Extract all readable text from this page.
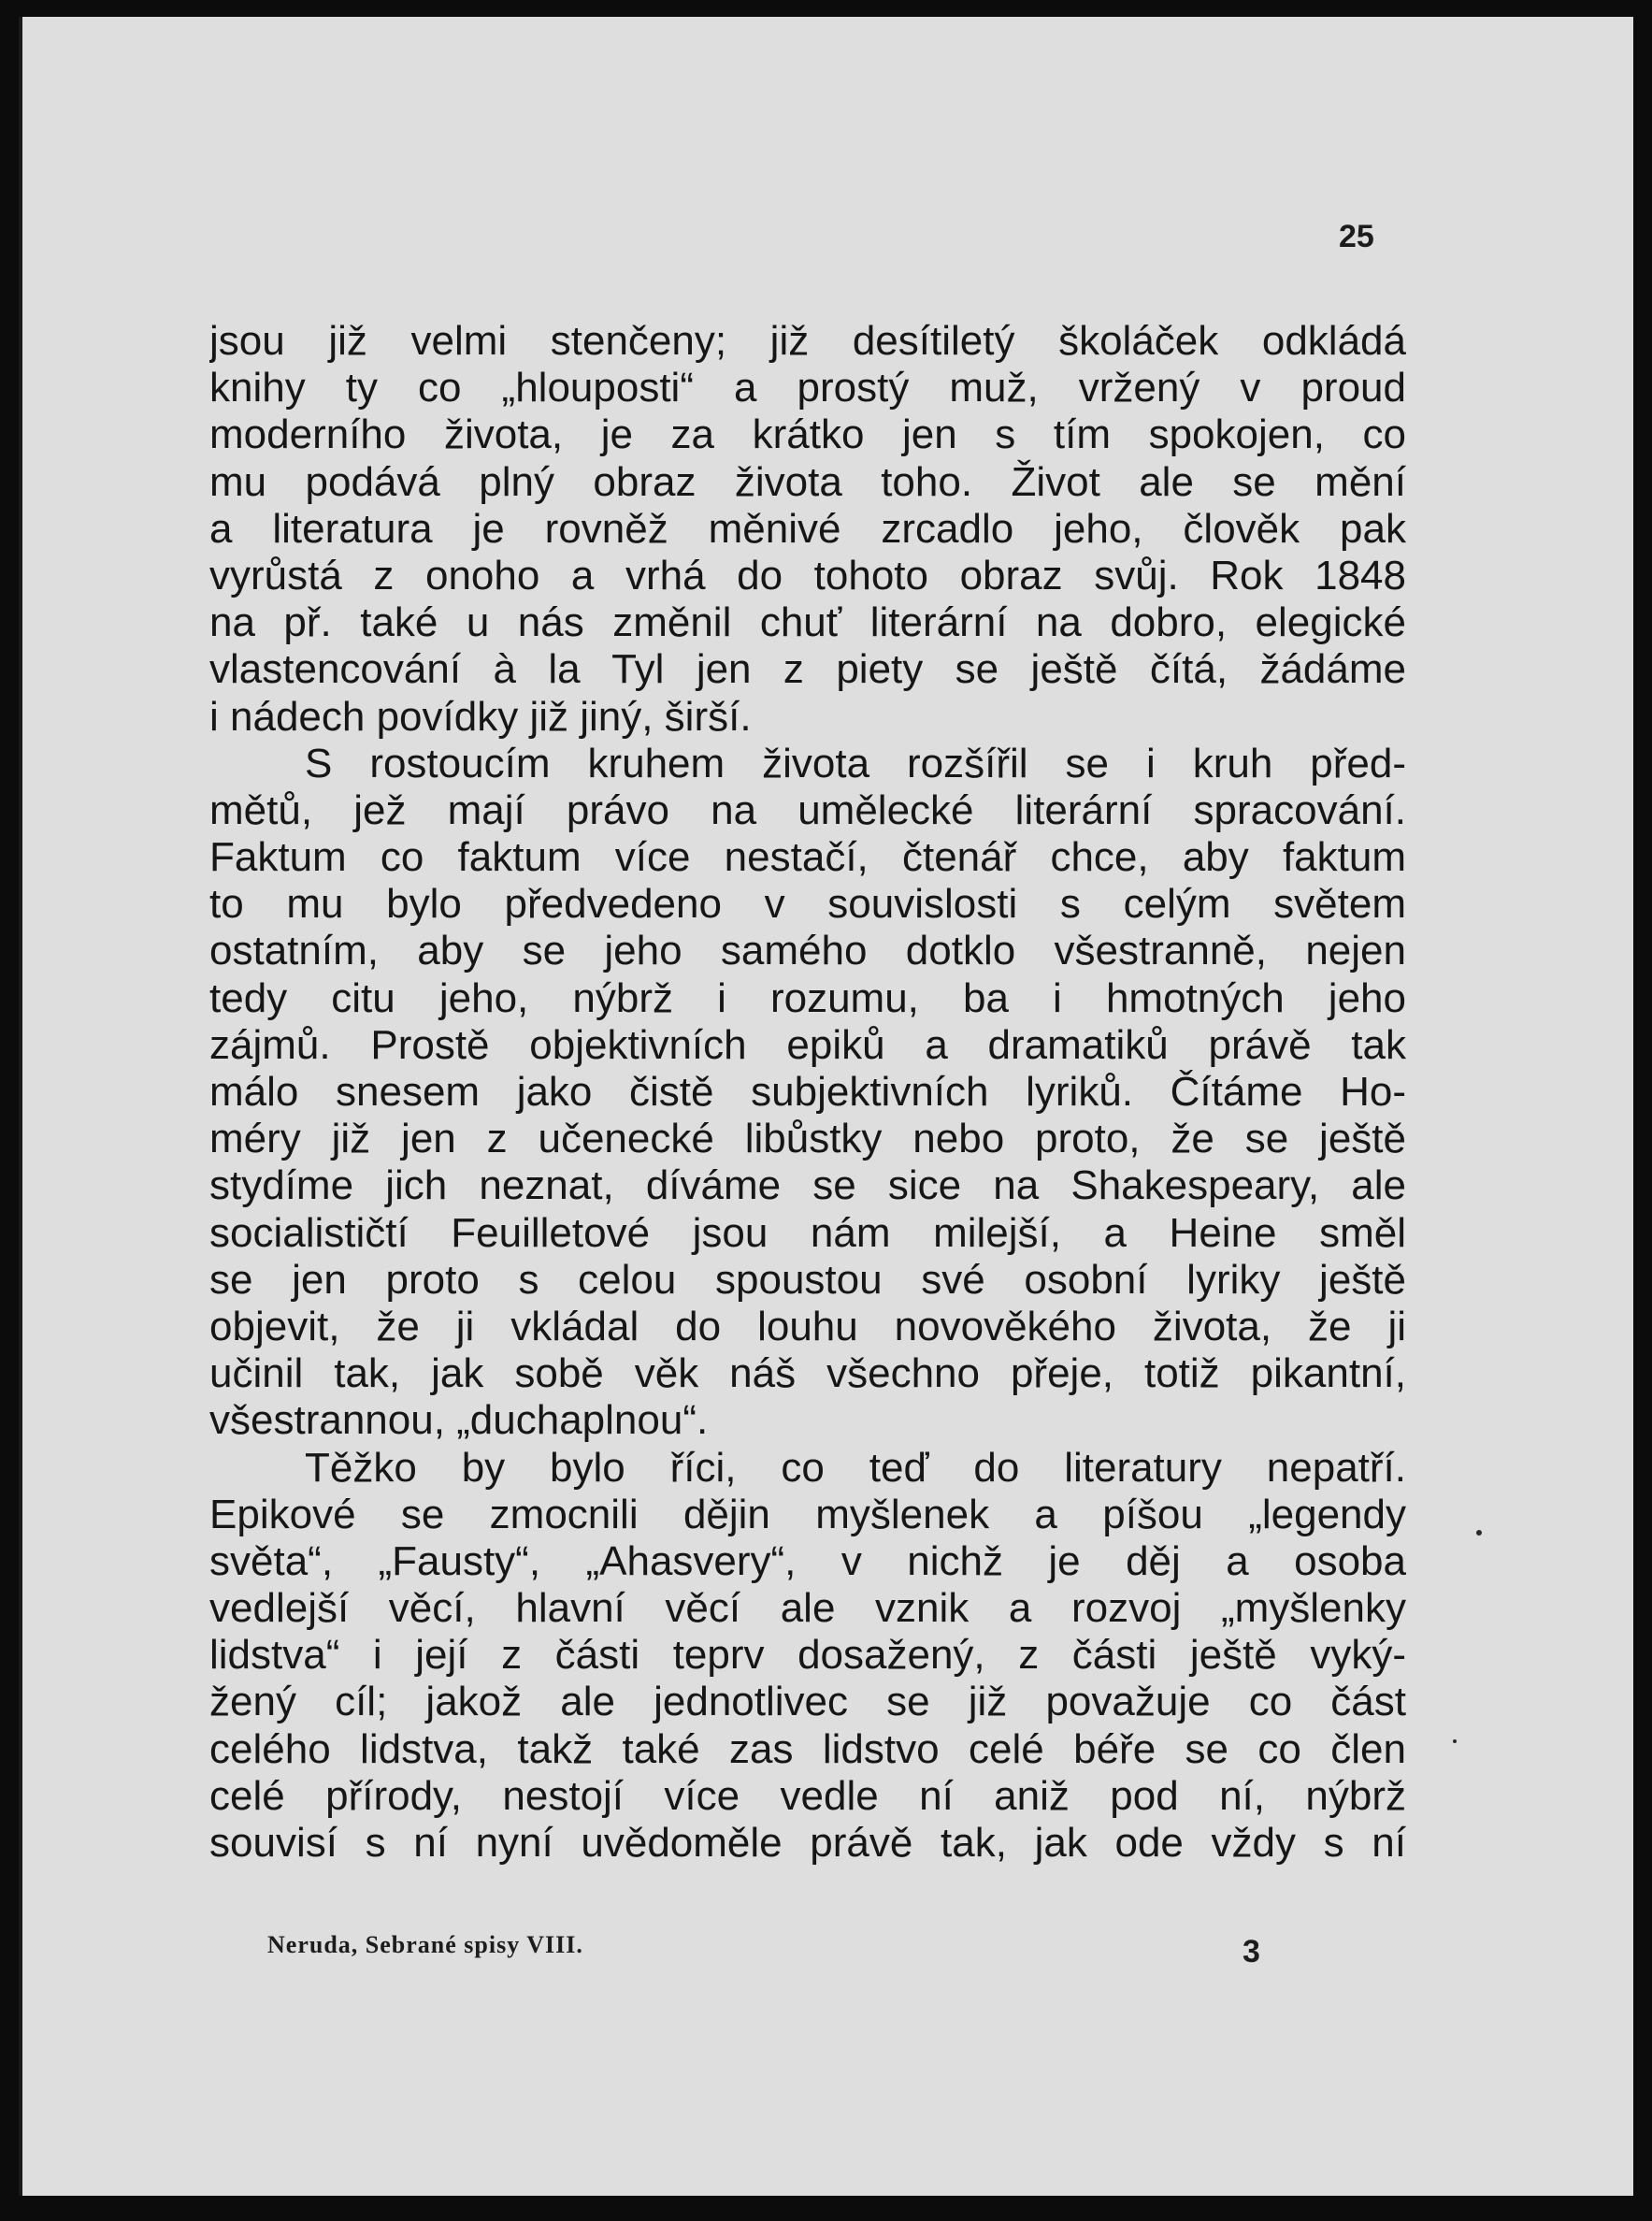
25
jsou již velmi stenčeny; již desítiletý školáček odkládá
knihy ty co „hlouposti“ a prostý muž, vržený v proud
moderního života, je za krátko jen s tím spokojen, co
mu podává plný obraz života toho. Život ale se mění
a literatura je rovněž měnivé zrcadlo jeho, člověk pak
vyrůstá z onoho a vrhá do tohoto obraz svůj. Rok 1848
na př. také u nás změnil chuť literární na dobro, elegické
vlastencování à la Tyl jen z piety se ještě čítá, žádáme
i nádech povídky již jiný, širší.
S rostoucím kruhem života rozšířil se i kruh před-
mětů, jež mají právo na umělecké literární spracování.
Faktum co faktum více nestačí, čtenář chce, aby faktum
to mu bylo předvedeno v souvislosti s celým světem
ostatním, aby se jeho samého dotklo všestranně, nejen
tedy citu jeho, nýbrž i rozumu, ba i hmotných jeho
zájmů. Prostě objektivních epiků a dramatiků právě tak
málo snesem jako čistě subjektivních lyriků. Čítáme Ho-
méry již jen z učenecké libůstky nebo proto, že se ještě
stydíme jich neznat, díváme se sice na Shakespeary, ale
socialističtí Feuilletové jsou nám milejší, a Heine směl
se jen proto s celou spoustou své osobní lyriky ještě
objevit, že ji vkládal do louhu novověkého života, že ji
učinil tak, jak sobě věk náš všechno přeje, totiž pikantní,
všestrannou, „duchaplnou“.
Těžko by bylo říci, co teď do literatury nepatří.
Epikové se zmocnili dějin myšlenek a píšou „legendy
světa“, „Fausty“, „Ahasvery“, v nichž je děj a osoba
vedlejší věcí, hlavní věcí ale vznik a rozvoj „myšlenky
lidstva“ i její z části teprv dosažený, z části ještě vyký-
žený cíl; jakož ale jednotlivec se již považuje co část
celého lidstva, takž také zas lidstvo celé béře se co člen
celé přírody, nestojí více vedle ní aniž pod ní, nýbrž
souvisí s ní nyní uvědoměle právě tak, jak ode vždy s ní
Neruda, Sebrané spisy VIII.	3
